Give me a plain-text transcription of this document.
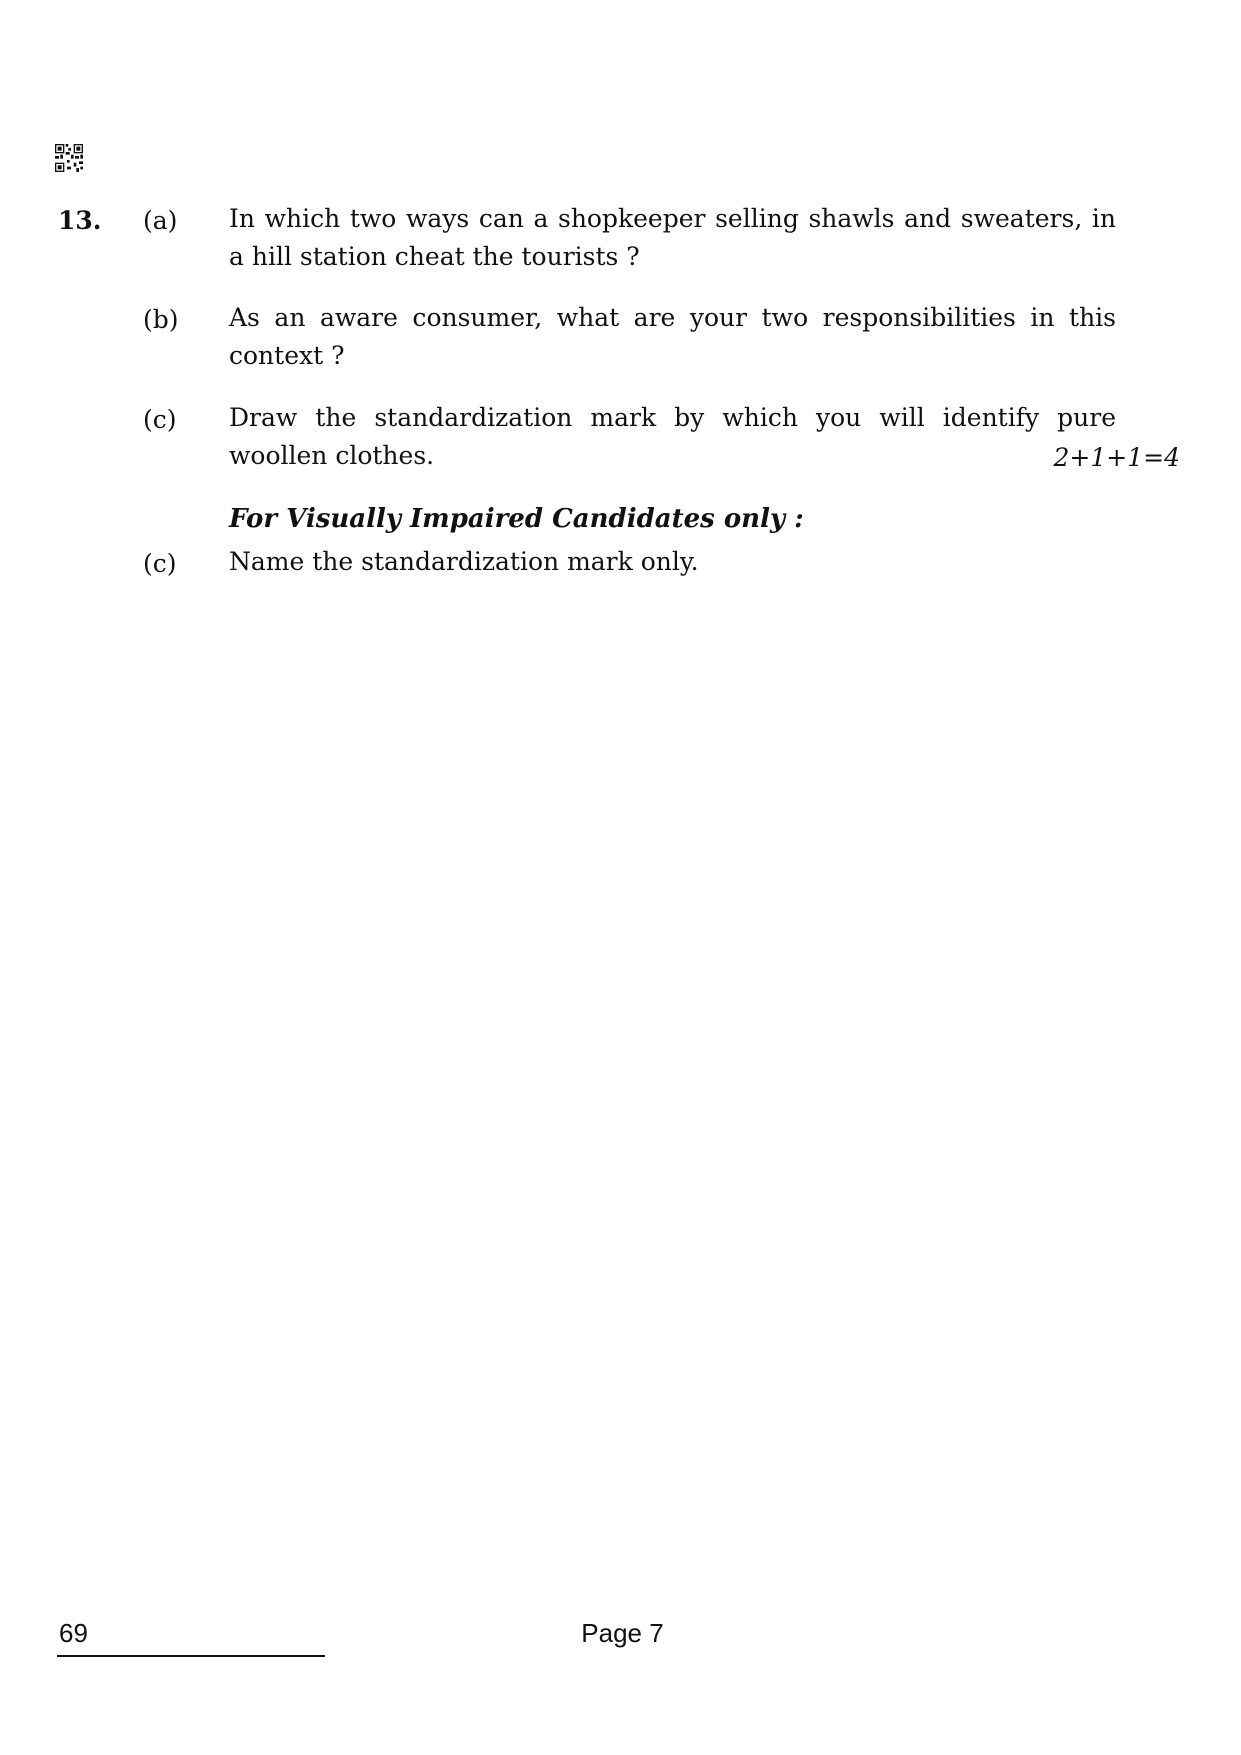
13. (a) In which two ways can a shopkeeper selling shawls and sweaters, in a hill station cheat the tourists ?
(b) As an aware consumer, what are your two responsibilities in this context ?
(c) Draw the standardization mark by which you will identify pure woollen clothes.	2+1+1=4
For Visually Impaired Candidates only :
(c) Name the standardization mark only.
69	Page 7
